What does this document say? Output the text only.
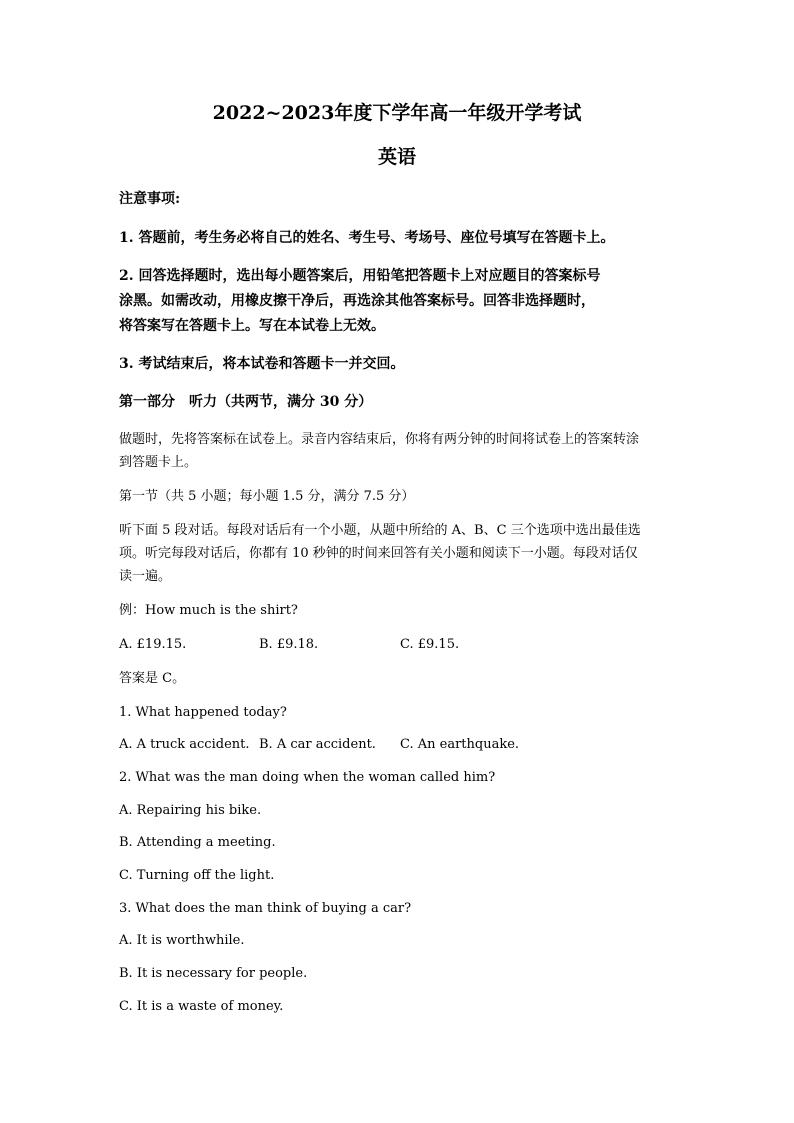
2022~2023年度下学年高一年级开学考试
英语
注意事项:
1. 答题前，考生务必将自己的姓名、考生号、考场号、座位号填写在答题卡上。
2. 回答选择题时，选出每小题答案后，用铅笔把答题卡上对应题目的答案标号
涂黑。如需改动，用橡皮擦干净后，再选涂其他答案标号。回答非选择题时，
将答案写在答题卡上。写在本试卷上无效。
3. 考试结束后，将本试卷和答题卡一并交回。
第一部分　听力（共两节，满分 30 分）
做题时，先将答案标在试卷上。录音内容结束后，你将有两分钟的时间将试卷上的答案转涂
到答题卡上。
第一节（共 5 小题；每小题 1.5 分，满分 7.5 分）
听下面 5 段对话。每段对话后有一个小题，从题中所给的 A、B、C 三个选项中选出最佳选
项。听完每段对话后，你都有 10 秒钟的时间来回答有关小题和阅读下一小题。每段对话仅
读一遍。
例：How much is the shirt?
A. £19.15.	B. £9.18.	C. £9.15.
答案是 C。
1. What happened today?
A. A truck accident. B. A car accident. C. An earthquake.
2. What was the man doing when the woman called him?
A. Repairing his bike.
B. Attending a meeting.
C. Turning off the light.
3. What does the man think of buying a car?
A. It is worthwhile.
B. It is necessary for people.
C. It is a waste of money.
